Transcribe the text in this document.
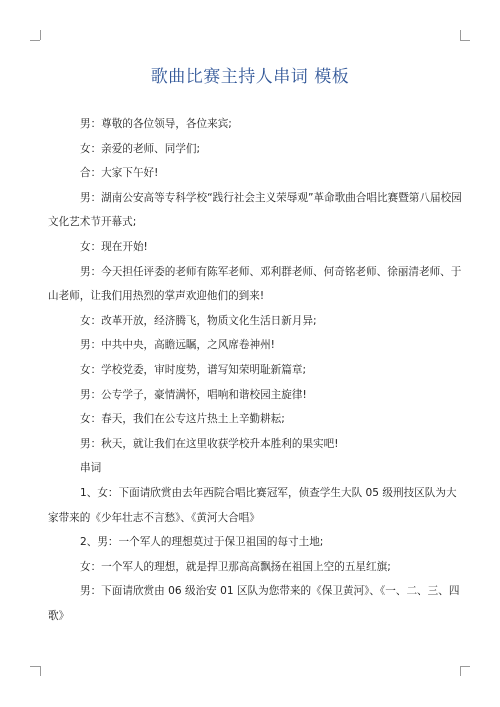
歌曲比赛主持人串词 模板

男：尊敬的各位领导，各位来宾;

女：亲爱的老师、同学们;

合：大家下午好!

男：湖南公安高等专科学校“践行社会主义荣辱观”革命歌曲合唱比赛暨第八届校园文化艺术节开幕式;

女：现在开始!

男：今天担任评委的老师有陈军老师、邓利群老师、何奇铭老师、徐丽清老师、于山老师，让我们用热烈的掌声欢迎他们的到来!

女：改革开放，经济腾飞，物质文化生活日新月异;

男：中共中央，高瞻远瞩，之风席卷神州!

女：学校党委，审时度势，谱写知荣明耻新篇章;

男：公专学子，豪情满怀，唱响和谐校园主旋律!

女：春天，我们在公专这片热土上辛勤耕耘;

男：秋天，就让我们在这里收获学校升本胜利的果实吧!

串词

1、女：下面请欣赏由去年西院合唱比赛冠军，侦查学生大队 05 级刑技区队为大家带来的《少年壮志不言愁》、《黄河大合唱》

2、男：一个军人的理想莫过于保卫祖国的每寸土地;

女：一个军人的理想，就是捍卫那高高飘扬在祖国上空的五星红旗;

男：下面请欣赏由 06 级治安 01 区队为您带来的《保卫黄河》、《一、二、三、四歌》
